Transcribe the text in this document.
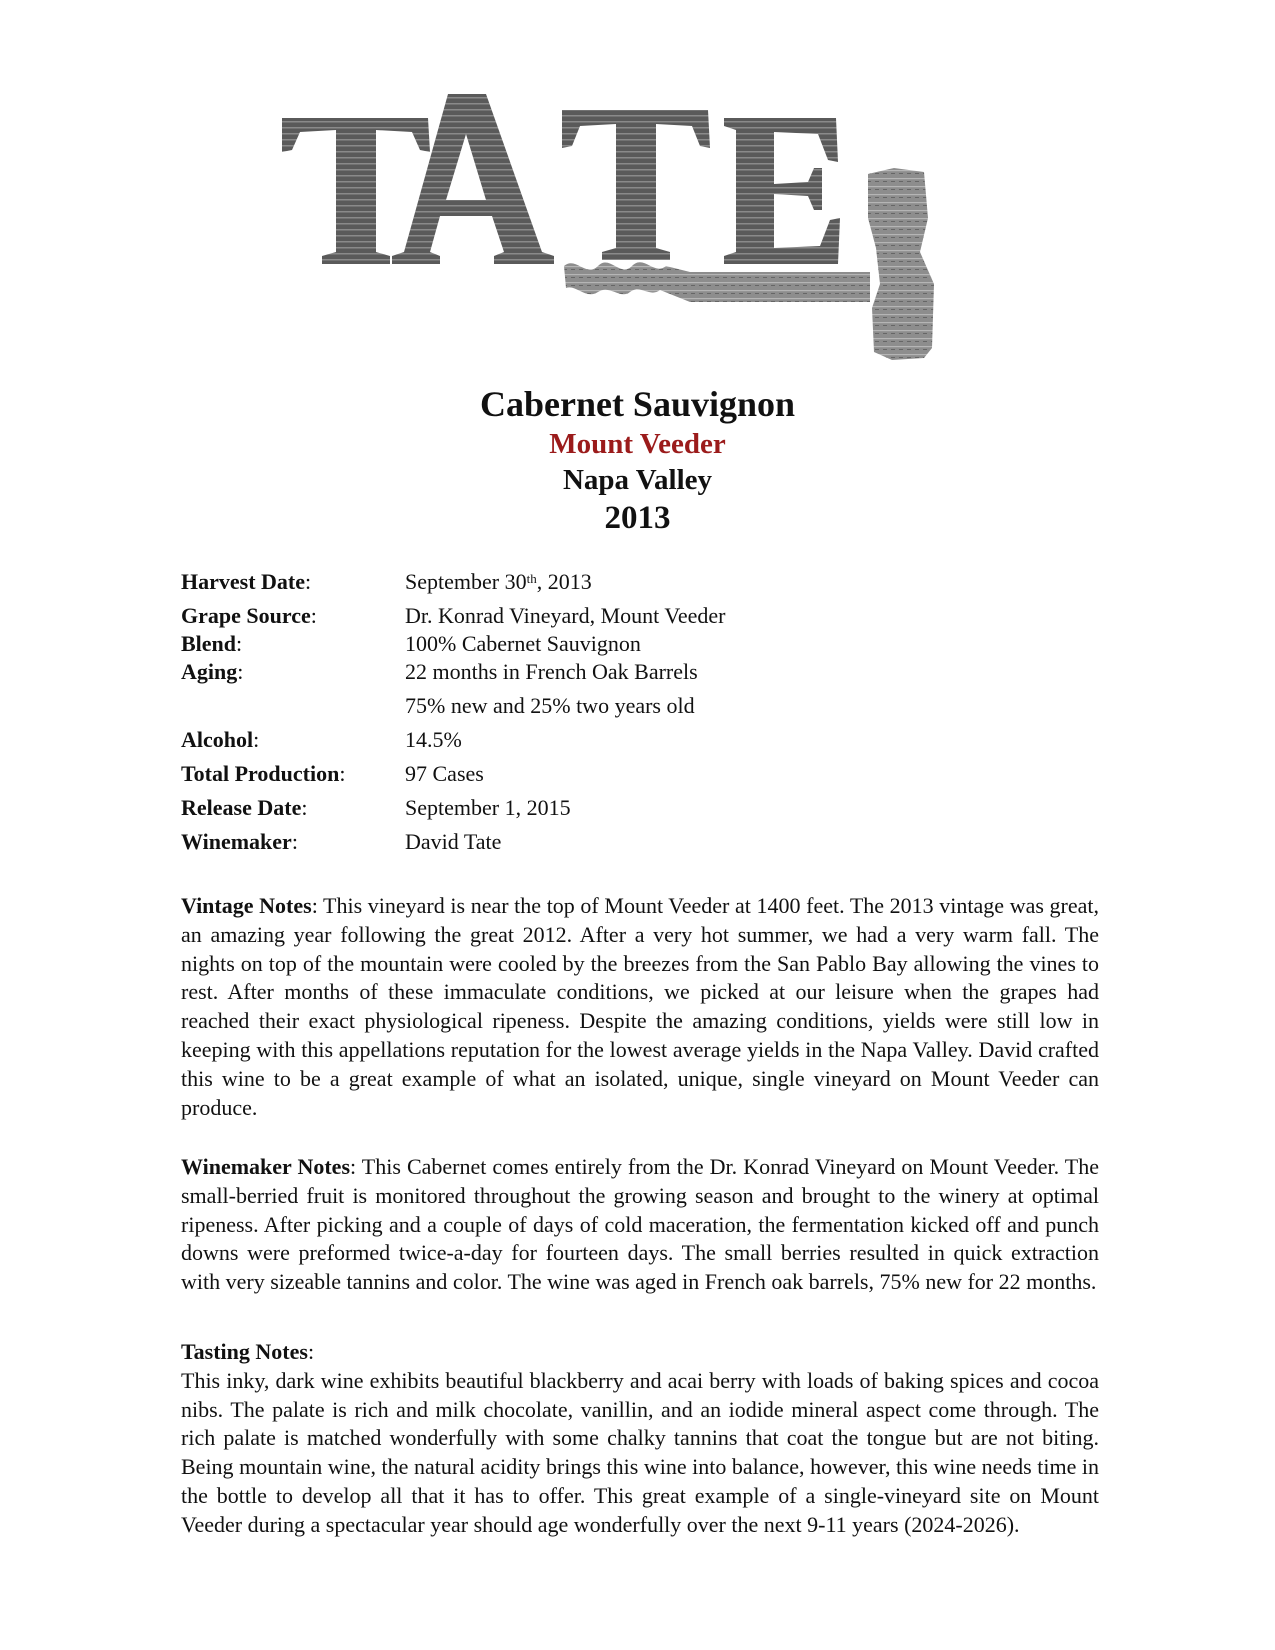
Cabernet Sauvignon
Mount Veeder
Napa Valley
2013
Harvest Date:	September 30th, 2013
Grape Source:	Dr. Konrad Vineyard, Mount Veeder
Blend:	100% Cabernet Sauvignon
Aging:	22 months in French Oak Barrels
75% new and 25% two years old
Alcohol:	14.5%
Total Production:	97 Cases
Release Date:	September 1, 2015
Winemaker:	David Tate

Vintage Notes: This vineyard is near the top of Mount Veeder at 1400 feet. The 2013 vintage was great, an amazing year following the great 2012. After a very hot summer, we had a very warm fall. The nights on top of the mountain were cooled by the breezes from the San Pablo Bay allowing the vines to rest. After months of these immaculate conditions, we picked at our leisure when the grapes had reached their exact physiological ripeness. Despite the amazing conditions, yields were still low in keeping with this appellations reputation for the lowest average yields in the Napa Valley. David crafted this wine to be a great example of what an isolated, unique, single vineyard on Mount Veeder can produce.

Winemaker Notes: This Cabernet comes entirely from the Dr. Konrad Vineyard on Mount Veeder. The small-berried fruit is monitored throughout the growing season and brought to the winery at optimal ripeness. After picking and a couple of days of cold maceration, the fermentation kicked off and punch downs were preformed twice-a-day for fourteen days. The small berries resulted in quick extraction with very sizeable tannins and color. The wine was aged in French oak barrels, 75% new for 22 months.

Tasting Notes:
This inky, dark wine exhibits beautiful blackberry and acai berry with loads of baking spices and cocoa nibs. The palate is rich and milk chocolate, vanillin, and an iodide mineral aspect come through. The rich palate is matched wonderfully with some chalky tannins that coat the tongue but are not biting. Being mountain wine, the natural acidity brings this wine into balance, however, this wine needs time in the bottle to develop all that it has to offer. This great example of a single-vineyard site on Mount Veeder during a spectacular year should age wonderfully over the next 9-11 years (2024-2026).
